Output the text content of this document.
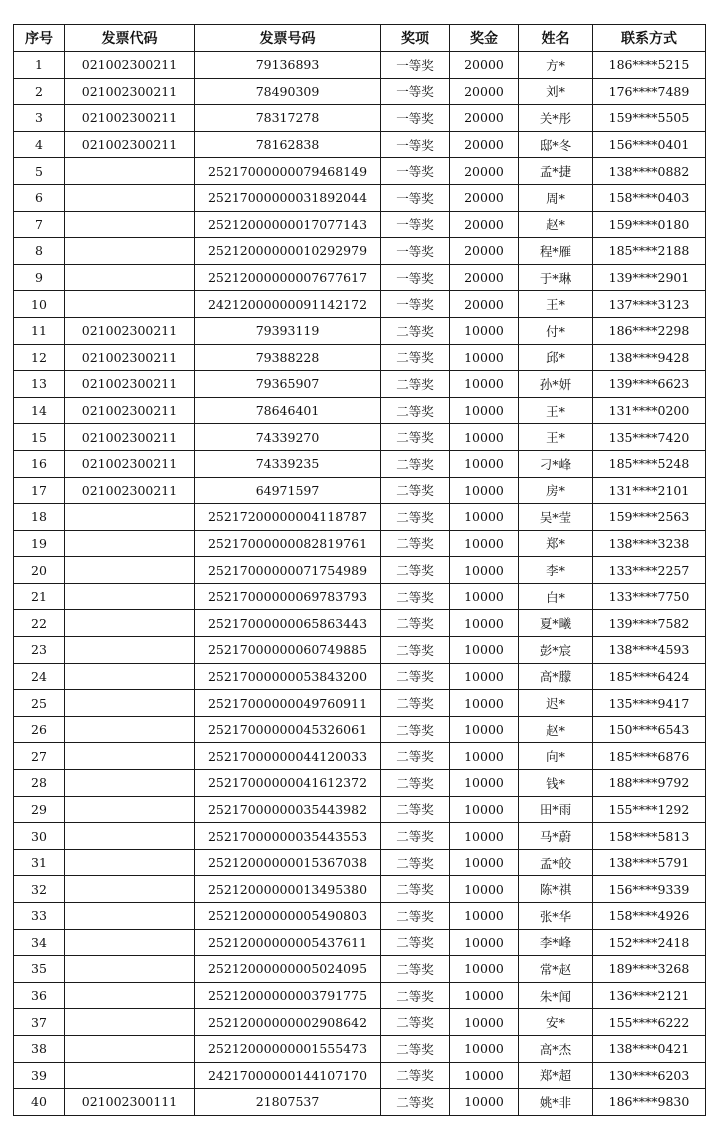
序号	发票代码	发票号码	奖项	奖金	姓名	联系方式
1	021002300211	79136893	一等奖	20000	方*	186****5215
2	021002300211	78490309	一等奖	20000	刘*	176****7489
3	021002300211	78317278	一等奖	20000	关*彤	159****5505
4	021002300211	78162838	一等奖	20000	邸*冬	156****0401
5		25217000000079468149	一等奖	20000	孟*捷	138****0882
6		25217000000031892044	一等奖	20000	周*	158****0403
7		25212000000017077143	一等奖	20000	赵*	159****0180
8		25212000000010292979	一等奖	20000	程*雁	185****2188
9		25212000000007677617	一等奖	20000	于*琳	139****2901
10		24212000000091142172	一等奖	20000	王*	137****3123
11	021002300211	79393119	二等奖	10000	付*	186****2298
12	021002300211	79388228	二等奖	10000	邱*	138****9428
13	021002300211	79365907	二等奖	10000	孙*妍	139****6623
14	021002300211	78646401	二等奖	10000	王*	131****0200
15	021002300211	74339270	二等奖	10000	王*	135****7420
16	021002300211	74339235	二等奖	10000	刁*峰	185****5248
17	021002300211	64971597	二等奖	10000	房*	131****2101
18		25217200000004118787	二等奖	10000	吴*莹	159****2563
19		25217000000082819761	二等奖	10000	郑*	138****3238
20		25217000000071754989	二等奖	10000	李*	133****2257
21		25217000000069783793	二等奖	10000	白*	133****7750
22		25217000000065863443	二等奖	10000	夏*曦	139****7582
23		25217000000060749885	二等奖	10000	彭*宸	138****4593
24		25217000000053843200	二等奖	10000	高*朦	185****6424
25		25217000000049760911	二等奖	10000	迟*	135****9417
26		25217000000045326061	二等奖	10000	赵*	150****6543
27		25217000000044120033	二等奖	10000	向*	185****6876
28		25217000000041612372	二等奖	10000	钱*	188****9792
29		25217000000035443982	二等奖	10000	田*雨	155****1292
30		25217000000035443553	二等奖	10000	马*蔚	158****5813
31		25212000000015367038	二等奖	10000	孟*皎	138****5791
32		25212000000013495380	二等奖	10000	陈*祺	156****9339
33		25212000000005490803	二等奖	10000	张*华	158****4926
34		25212000000005437611	二等奖	10000	李*峰	152****2418
35		25212000000005024095	二等奖	10000	常*赵	189****3268
36		25212000000003791775	二等奖	10000	朱*闻	136****2121
37		25212000000002908642	二等奖	10000	安*	155****6222
38		25212000000001555473	二等奖	10000	高*杰	138****0421
39		24217000000144107170	二等奖	10000	郑*超	130****6203
40	021002300111	21807537	二等奖	10000	姚*非	186****9830
